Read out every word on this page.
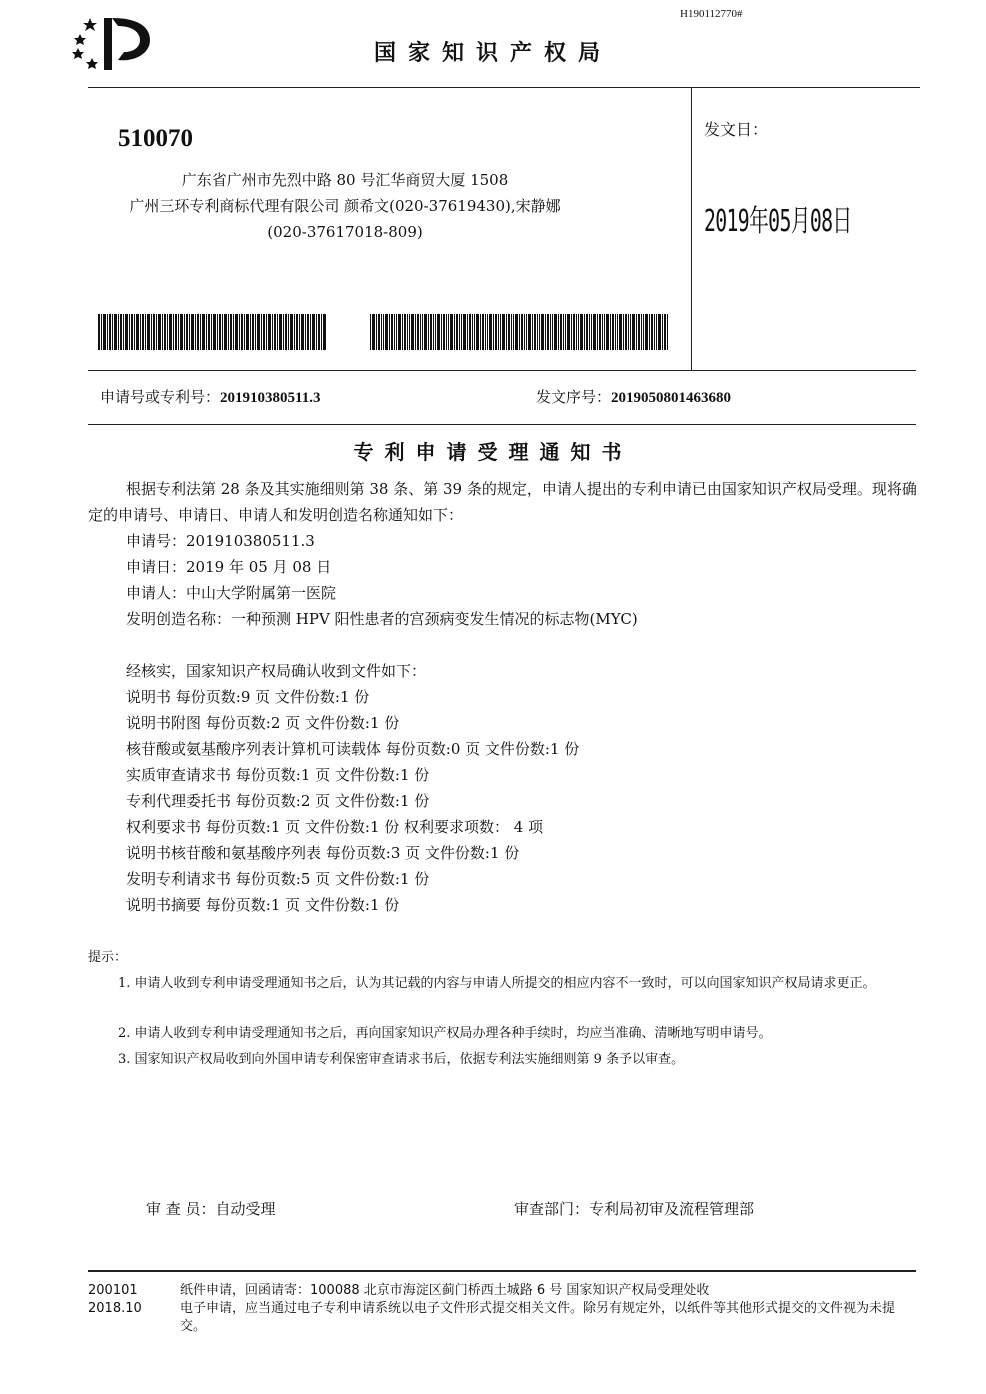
H190112770#
国家知识产权局
510070
广东省广州市先烈中路 80 号汇华商贸大厦 1508
广州三环专利商标代理有限公司 颜希文(020-37619430),宋静娜
(020-37617018-809)
发文日：
2019年05月08日
申请号或专利号：201910380511.3	发文序号：2019050801463680
专利申请受理通知书
根据专利法第 28 条及其实施细则第 38 条、第 39 条的规定，申请人提出的专利申请已由国家知识产权局受理。现将确定的申请号、申请日、申请人和发明创造名称通知如下：
申请号：201910380511.3
申请日：2019 年 05 月 08 日
申请人：中山大学附属第一医院
发明创造名称：一种预测 HPV 阳性患者的宫颈病变发生情况的标志物(MYC)
经核实，国家知识产权局确认收到文件如下：
说明书 每份页数:9 页 文件份数:1 份
说明书附图 每份页数:2 页 文件份数:1 份
核苷酸或氨基酸序列表计算机可读载体 每份页数:0 页 文件份数:1 份
实质审查请求书 每份页数:1 页 文件份数:1 份
专利代理委托书 每份页数:2 页 文件份数:1 份
权利要求书 每份页数:1 页 文件份数:1 份 权利要求项数： 4 项
说明书核苷酸和氨基酸序列表 每份页数:3 页 文件份数:1 份
发明专利请求书 每份页数:5 页 文件份数:1 份
说明书摘要 每份页数:1 页 文件份数:1 份
提示：
1. 申请人收到专利申请受理通知书之后，认为其记载的内容与申请人所提交的相应内容不一致时，可以向国家知识产权局请求更正。
2. 申请人收到专利申请受理通知书之后，再向国家知识产权局办理各种手续时，均应当准确、清晰地写明申请号。
3. 国家知识产权局收到向外国申请专利保密审查请求书后，依据专利法实施细则第 9 条予以审查。
审 查 员：自动受理	审查部门：专利局初审及流程管理部
200101
2018.10
纸件申请，回函请寄：100088 北京市海淀区蓟门桥西土城路 6 号 国家知识产权局受理处收
电子申请，应当通过电子专利申请系统以电子文件形式提交相关文件。除另有规定外，以纸件等其他形式提交的文件视为未提交。
